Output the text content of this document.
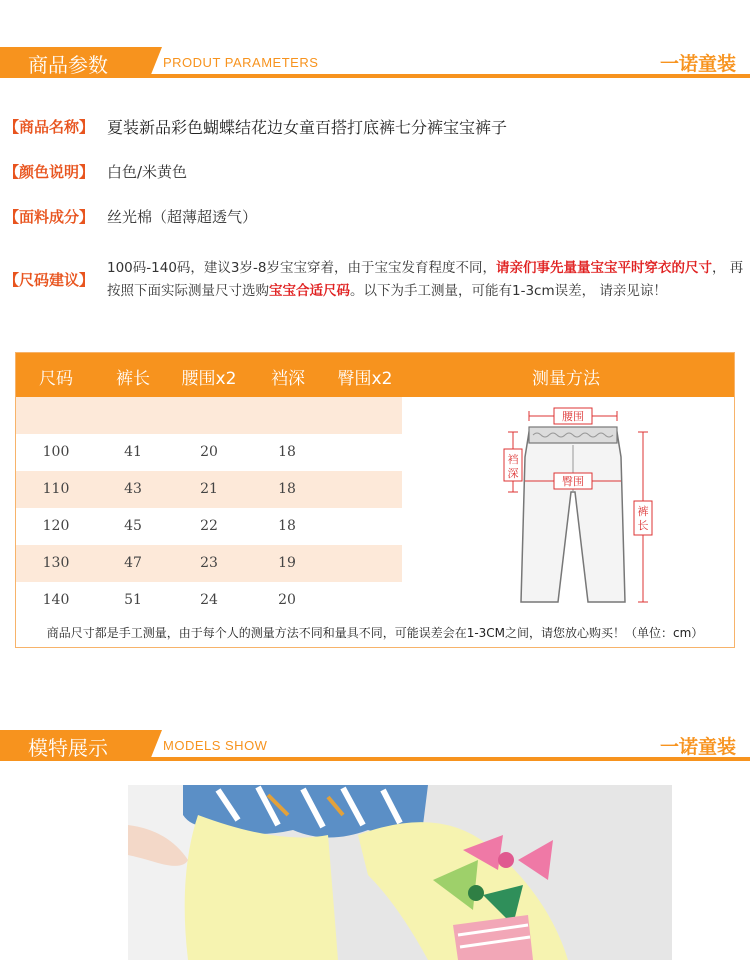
商品参数	PRODUT PARAMETERS	一诺童装
【商品名称】 夏装新品彩色蝴蝶结花边女童百搭打底裤七分裤宝宝裤子
【颜色说明】 白色/米黄色
【面料成分】 丝光棉（超薄超透气）
【尺码建议】
100码-140码，建议3岁-8岁宝宝穿着，由于宝宝发育程度不同，请亲们事先量量宝宝平时穿衣的尺寸， 再按照下面实际测量尺寸选购宝宝合适尺码。以下为手工测量，可能有1-3cm误差， 请亲见谅！
尺码	裤长	腰围x2	裆深	臀围x2	测量方法
100	41	20	18
110	43	21	18
120	45	22	18
130	47	23	19
140	51	24	20
腰围
裆
深
臀围
裤
长
商品尺寸都是手工测量，由于每个人的测量方法不同和量具不同，可能误差会在1-3CM之间，请您放心购买！（单位：cm）
模特展示	MODELS SHOW	一诺童装
